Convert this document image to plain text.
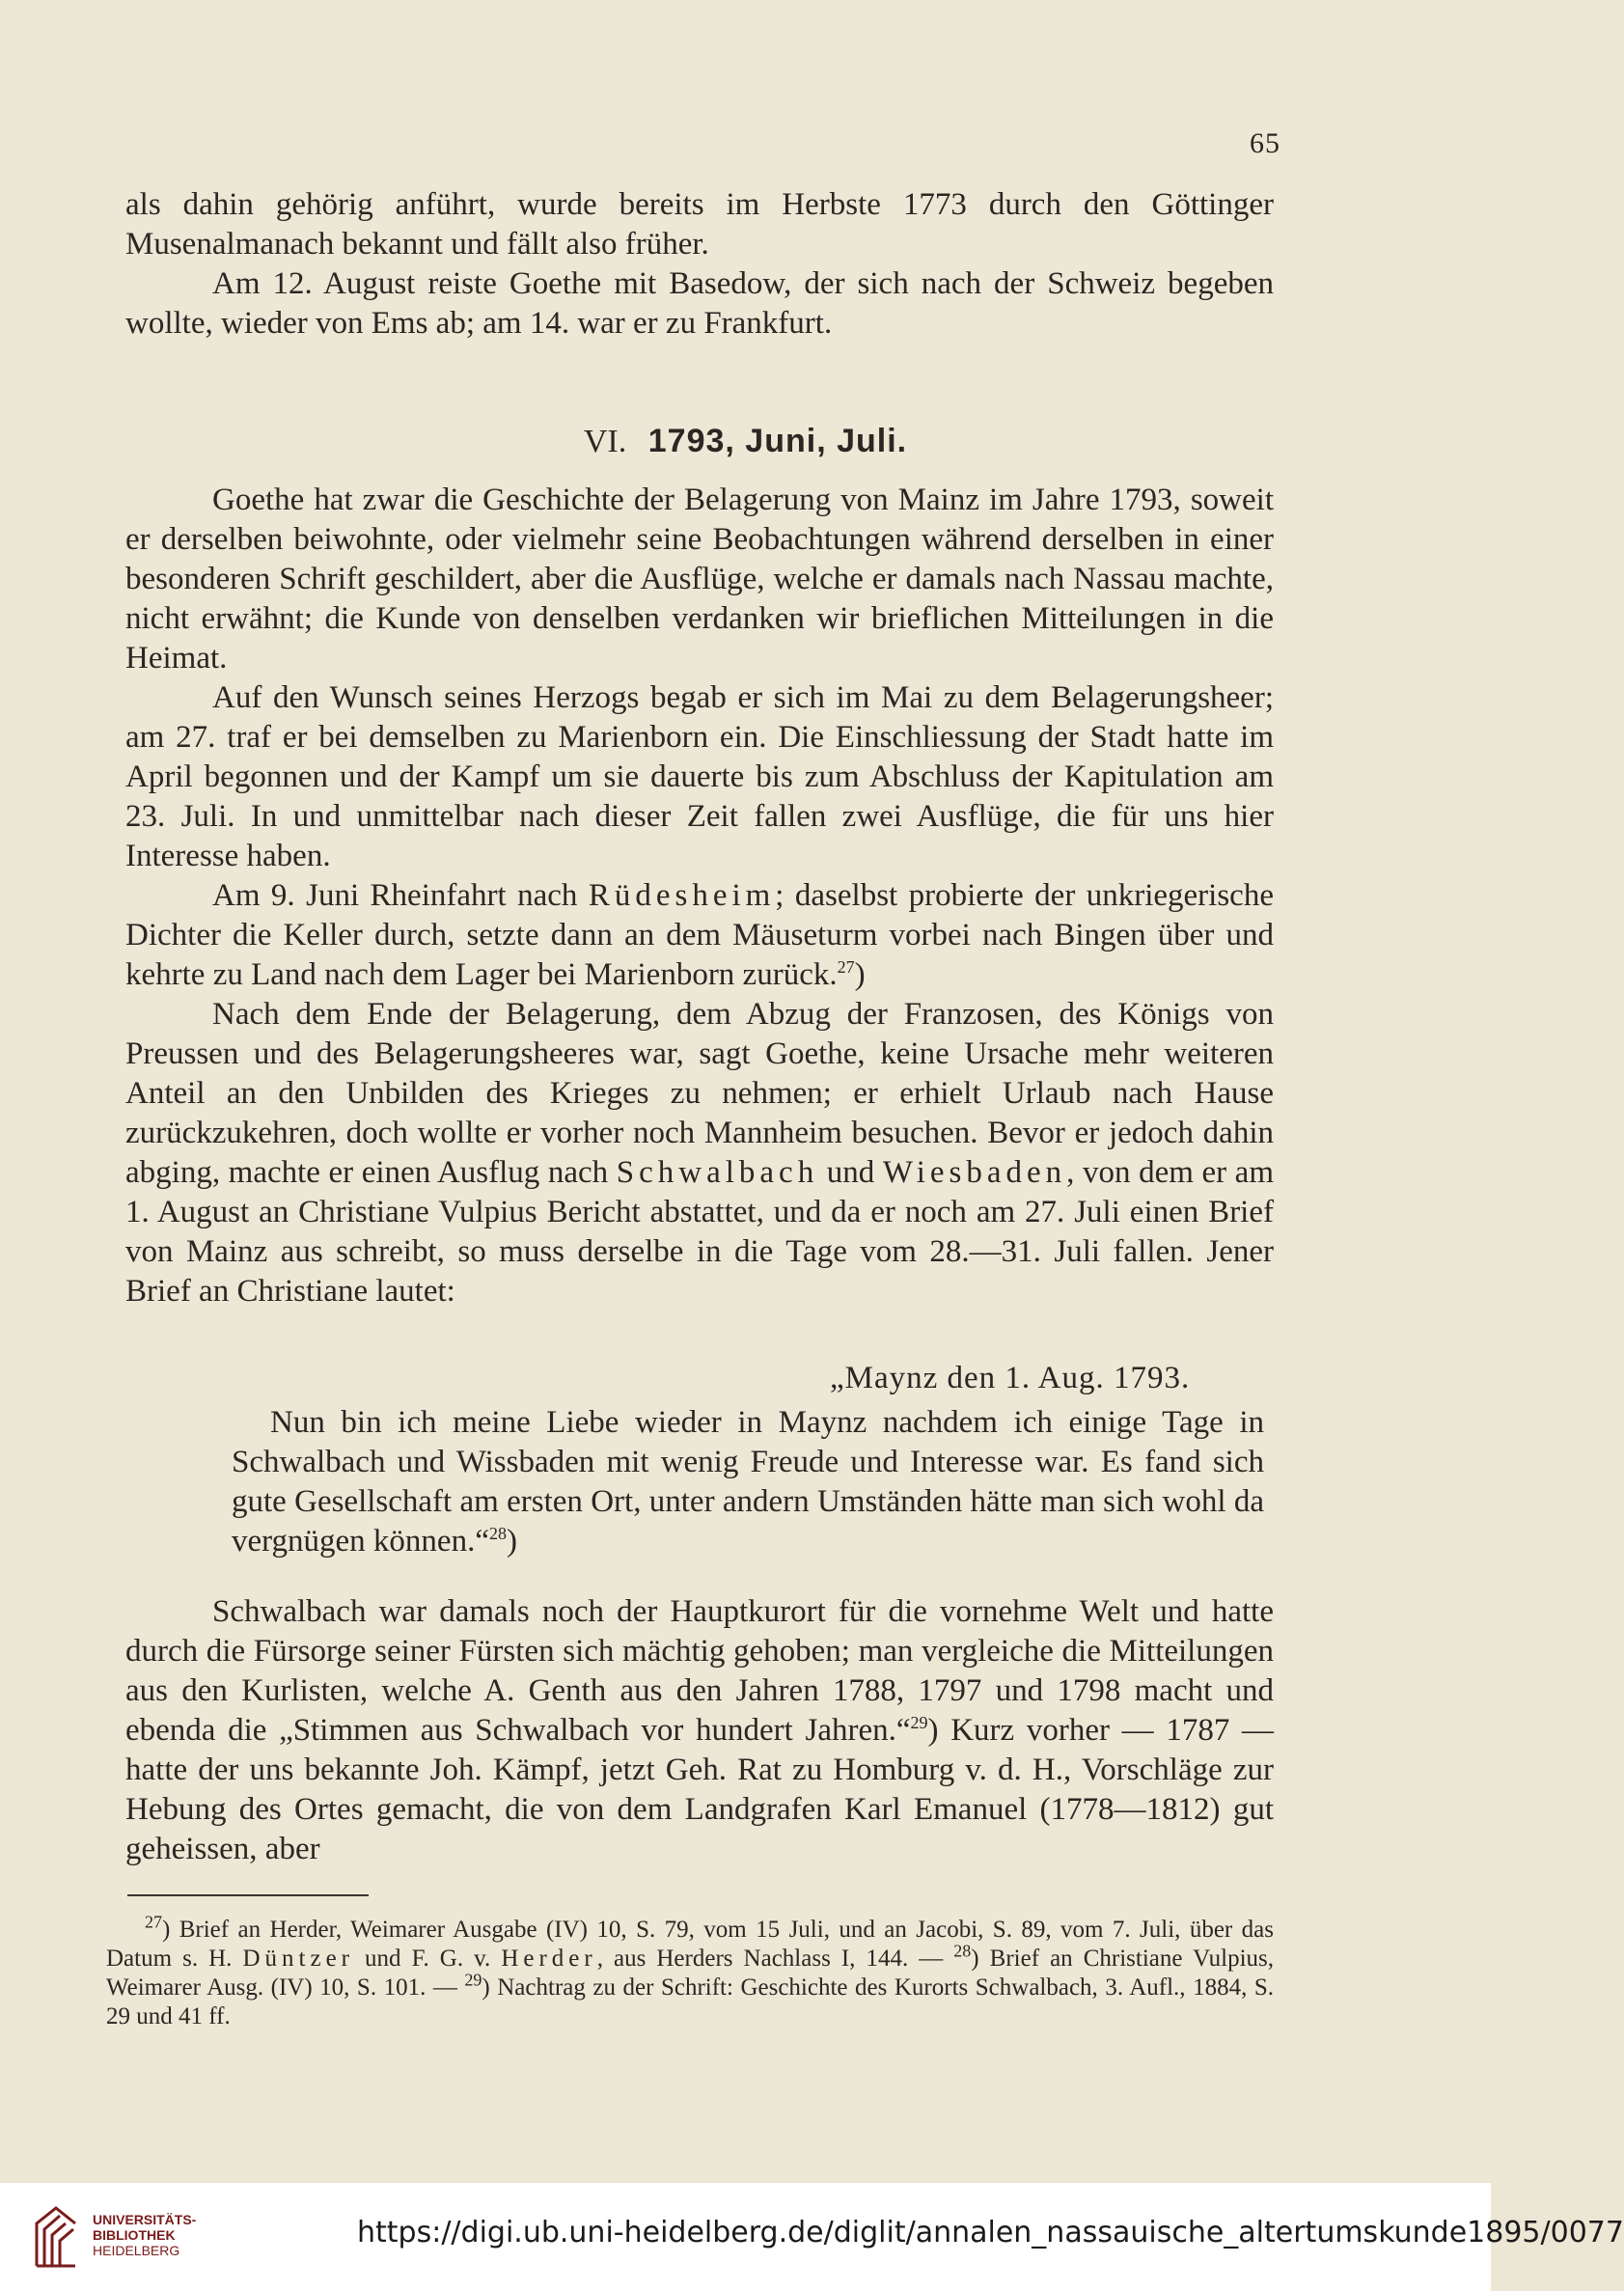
65

als dahin gehörig anführt, wurde bereits im Herbste 1773 durch den Göttinger Musenalmanach bekannt und fällt also früher.

Am 12. August reiste Goethe mit Basedow, der sich nach der Schweiz begeben wollte, wieder von Ems ab; am 14. war er zu Frankfurt.

VI. 1793, Juni, Juli.

Goethe hat zwar die Geschichte der Belagerung von Mainz im Jahre 1793, soweit er derselben beiwohnte, oder vielmehr seine Beobachtungen während derselben in einer besonderen Schrift geschildert, aber die Ausflüge, welche er damals nach Nassau machte, nicht erwähnt; die Kunde von denselben verdanken wir brieflichen Mitteilungen in die Heimat.

Auf den Wunsch seines Herzogs begab er sich im Mai zu dem Belagerungsheer; am 27. traf er bei demselben zu Marienborn ein. Die Einschliessung der Stadt hatte im April begonnen und der Kampf um sie dauerte bis zum Abschluss der Kapitulation am 23. Juli. In und unmittelbar nach dieser Zeit fallen zwei Ausflüge, die für uns hier Interesse haben.

Am 9. Juni Rheinfahrt nach Rüdesheim; daselbst probierte der unkriegerische Dichter die Keller durch, setzte dann an dem Mäuseturm vorbei nach Bingen über und kehrte zu Land nach dem Lager bei Marienborn zurück.$^{27}$)

Nach dem Ende der Belagerung, dem Abzug der Franzosen, des Königs von Preussen und des Belagerungsheeres war, sagt Goethe, keine Ursache mehr weiteren Anteil an den Unbilden des Krieges zu nehmen; er erhielt Urlaub nach Hause zurückzukehren, doch wollte er vorher noch Mannheim besuchen. Bevor er jedoch dahin abging, machte er einen Ausflug nach Schwalbach und Wiesbaden, von dem er am 1. August an Christiane Vulpius Bericht abstattet, und da er noch am 27. Juli einen Brief von Mainz aus schreibt, so muss derselbe in die Tage vom 28.—31. Juli fallen. Jener Brief an Christiane lautet:

„Maynz den 1. Aug. 1793.

Nun bin ich meine Liebe wieder in Maynz nachdem ich einige Tage in Schwalbach und Wissbaden mit wenig Freude und Interesse war. Es fand sich gute Gesellschaft am ersten Ort, unter andern Umständen hätte man sich wohl da vergnügen können.“$^{28}$)

Schwalbach war damals noch der Hauptkurort für die vornehme Welt und hatte durch die Fürsorge seiner Fürsten sich mächtig gehoben; man vergleiche die Mitteilungen aus den Kurlisten, welche A. Genth aus den Jahren 1788, 1797 und 1798 macht und ebenda die „Stimmen aus Schwalbach vor hundert Jahren.“$^{29}$) Kurz vorher — 1787 — hatte der uns bekannte Joh. Kämpf, jetzt Geh. Rat zu Homburg v. d. H., Vorschläge zur Hebung des Ortes gemacht, die von dem Landgrafen Karl Emanuel (1778—1812) gut geheissen, aber

$^{27}$) Brief an Herder, Weimarer Ausgabe (IV) 10, S. 79, vom 15 Juli, und an Jacobi, S. 89, vom 7. Juli, über das Datum s. H. Düntzer und F. G. v. Herder, aus Herders Nachlass I, 144. — $^{28}$) Brief an Christiane Vulpius, Weimarer Ausg. (IV) 10, S. 101. — $^{29}$) Nachtrag zu der Schrift: Geschichte des Kurorts Schwalbach, 3. Aufl., 1884, S. 29 und 41 ff.

UNIVERSITÄTS-
BIBLIOTHEK
HEIDELBERG
https://digi.ub.uni-heidelberg.de/diglit/annalen_nassauische_altertumskunde1895/0077
